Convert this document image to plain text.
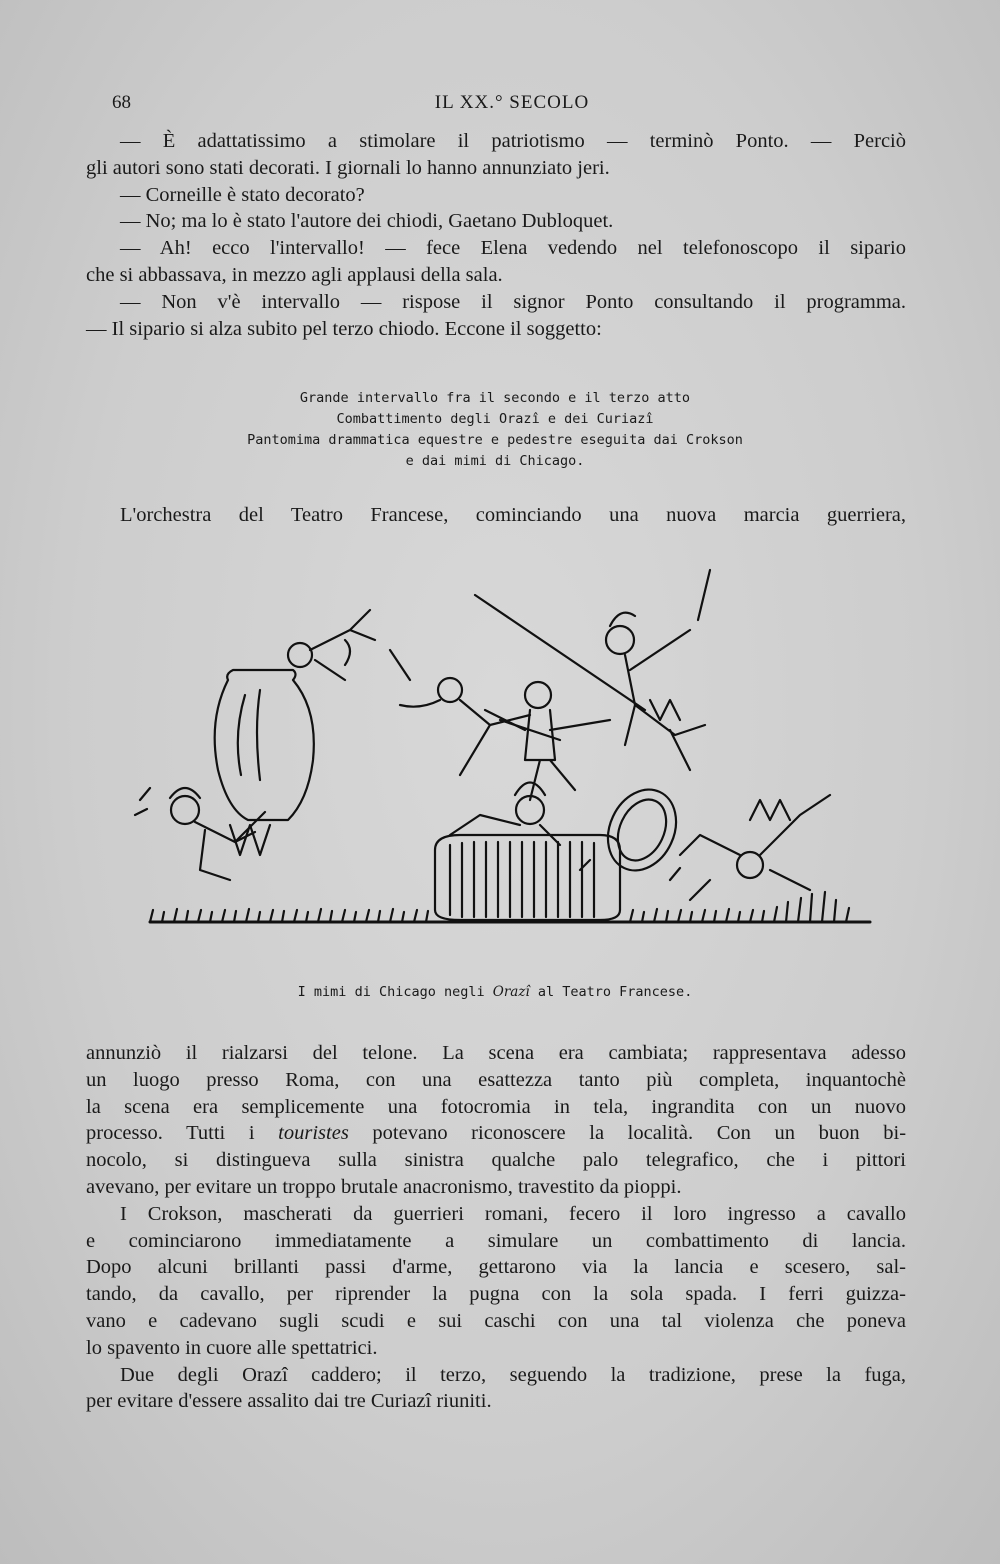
68	IL XX.° SECOLO

— È adattatissimo a stimolare il patriotismo — terminò Ponto. — Perciò

gli autori sono stati decorati. I giornali lo hanno annunziato jeri.

— Corneille è stato decorato?

— No; ma lo è stato l'autore dei chiodi, Gaetano Dubloquet.

— Ah! ecco l'intervallo! — fece Elena vedendo nel telefonoscopo il sipario

che si abbassava, in mezzo agli applausi della sala.

— Non v'è intervallo — rispose il signor Ponto consultando il programma.

— Il sipario si alza subito pel terzo chiodo. Eccone il soggetto:

Grande intervallo fra il secondo e il terzo atto
Combattimento degli Orazî e dei Curiazî
Pantomima drammatica equestre e pedestre eseguita dai Crokson
e dai mimi di Chicago.
L'orchestra del Teatro Francese, cominciando una nuova marcia guerriera,
I mimi di Chicago negli Orazî al Teatro Francese.

annunziò il rialzarsi del telone. La scena era cambiata; rappresentava adesso

un luogo presso Roma, con una esattezza tanto più completa, inquantochè

la scena era semplicemente una fotocromia in tela, ingrandita con un nuovo

processo. Tutti i touristes potevano riconoscere la località. Con un buon bi-

nocolo, si distingueva sulla sinistra qualche palo telegrafico, che i pittori

avevano, per evitare un troppo brutale anacronismo, travestito da pioppi.

I Crokson, mascherati da guerrieri romani, fecero il loro ingresso a cavallo

e cominciarono immediatamente a simulare un combattimento di lancia.

Dopo alcuni brillanti passi d'arme, gettarono via la lancia e scesero, sal-

tando, da cavallo, per riprender la pugna con la sola spada. I ferri guizza-

vano e cadevano sugli scudi e sui caschi con una tal violenza che poneva

lo spavento in cuore alle spettatrici.

Due degli Orazî caddero; il terzo, seguendo la tradizione, prese la fuga,

per evitare d'essere assalito dai tre Curiazî riuniti.
